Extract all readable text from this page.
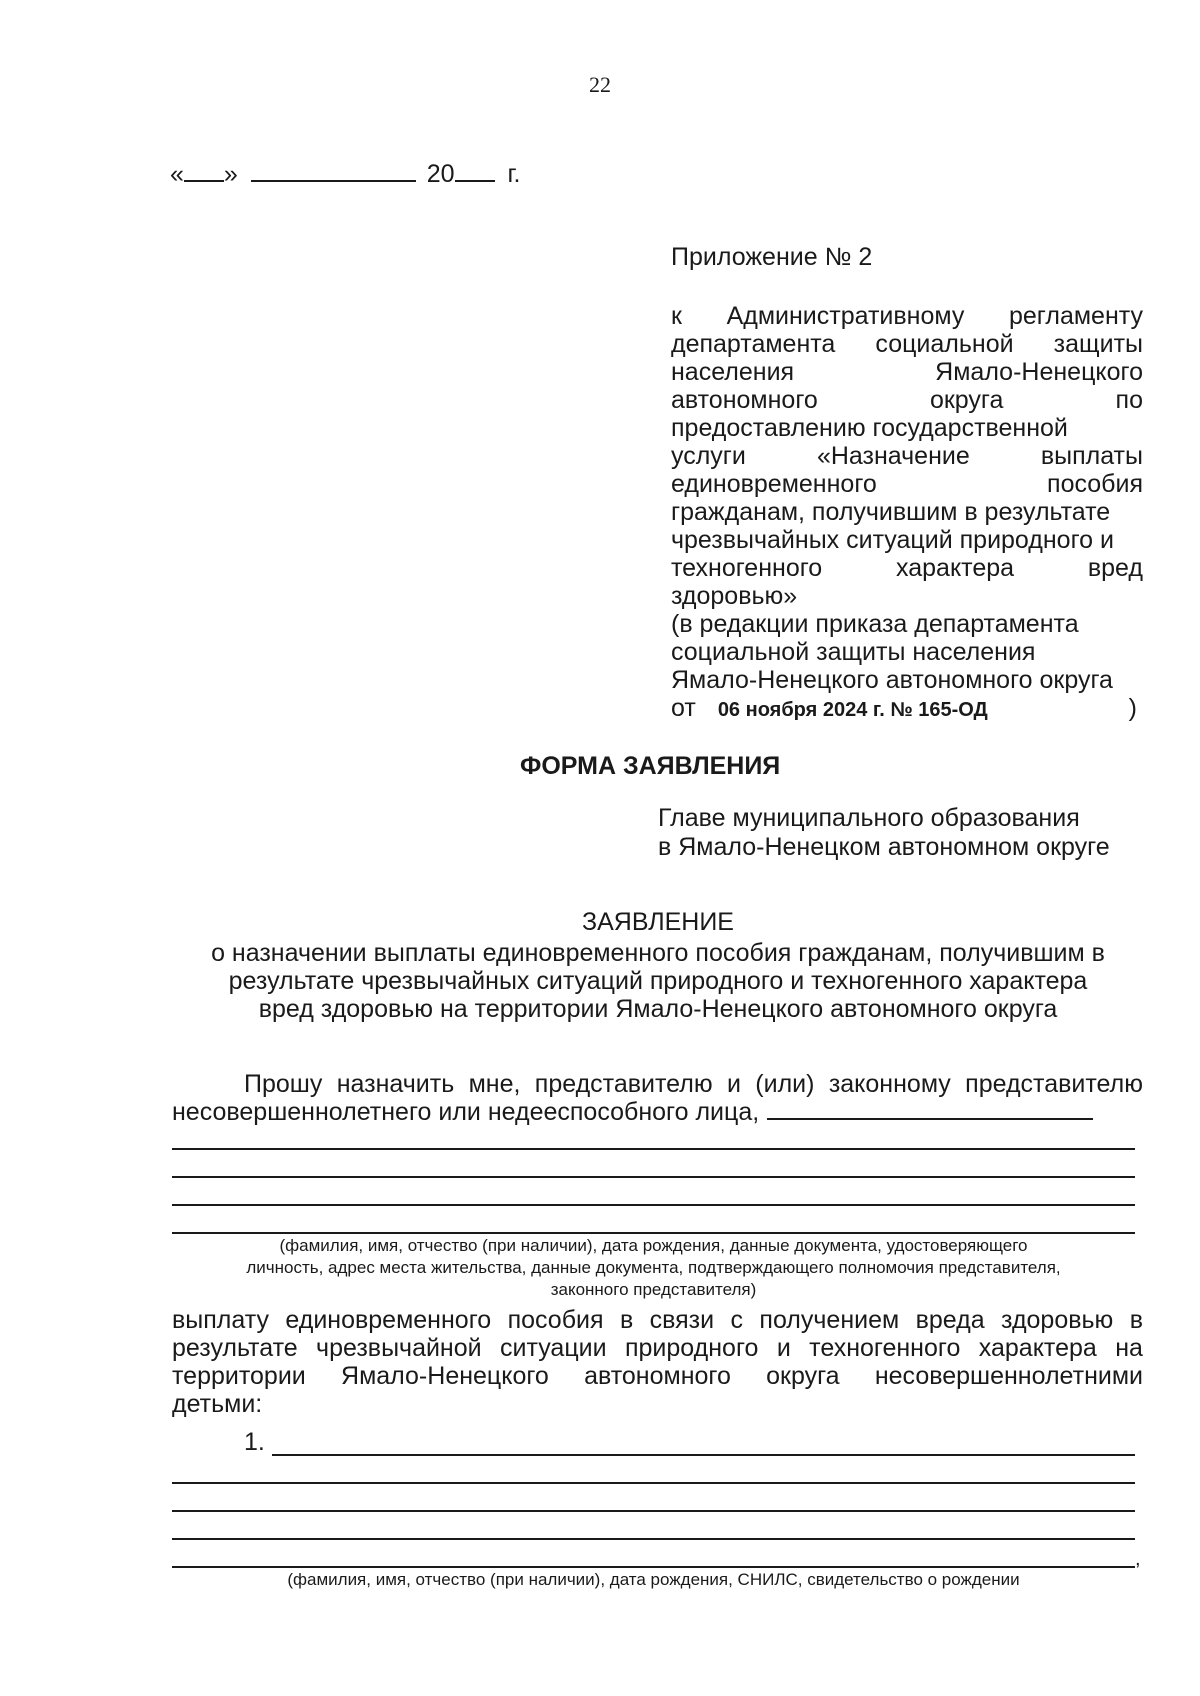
22
« »	20 г.
Приложение № 2
к Административному регламенту
департамента социальной защиты
населения	Ямало-Ненецкого
автономного	округа	по
предоставлению государственной
услуги	«Назначение	выплаты
единовременного	пособия
гражданам, получившим в результате
чрезвычайных ситуаций природного и
техногенного	характера	вред
здоровью»
(в редакции приказа департамента
социальной защиты населения
Ямало-Ненецкого автономного округа
от 06 ноября 2024 г. № 165-ОД	)
ФОРМА ЗАЯВЛЕНИЯ
Главе муниципального образования
в Ямало-Ненецком автономном округе
ЗАЯВЛЕНИЕ
о назначении выплаты единовременного пособия гражданам, получившим в
результате чрезвычайных ситуаций природного и техногенного характера
вред здоровью на территории Ямало-Ненецкого автономного округа
Прошу назначить мне, представителю и (или) законному представителю
несовершеннолетнего или недееспособного лица,
(фамилия, имя, отчество (при наличии), дата рождения, данные документа, удостоверяющего
личность, адрес места жительства, данные документа, подтверждающего полномочия представителя,
законного представителя)
выплату единовременного пособия в связи с получением вреда здоровью в
результате чрезвычайной ситуации природного и техногенного характера на
территории Ямало-Ненецкого автономного округа несовершеннолетними
детьми:
1.
,
(фамилия, имя, отчество (при наличии), дата рождения, СНИЛС, свидетельство о рождении
